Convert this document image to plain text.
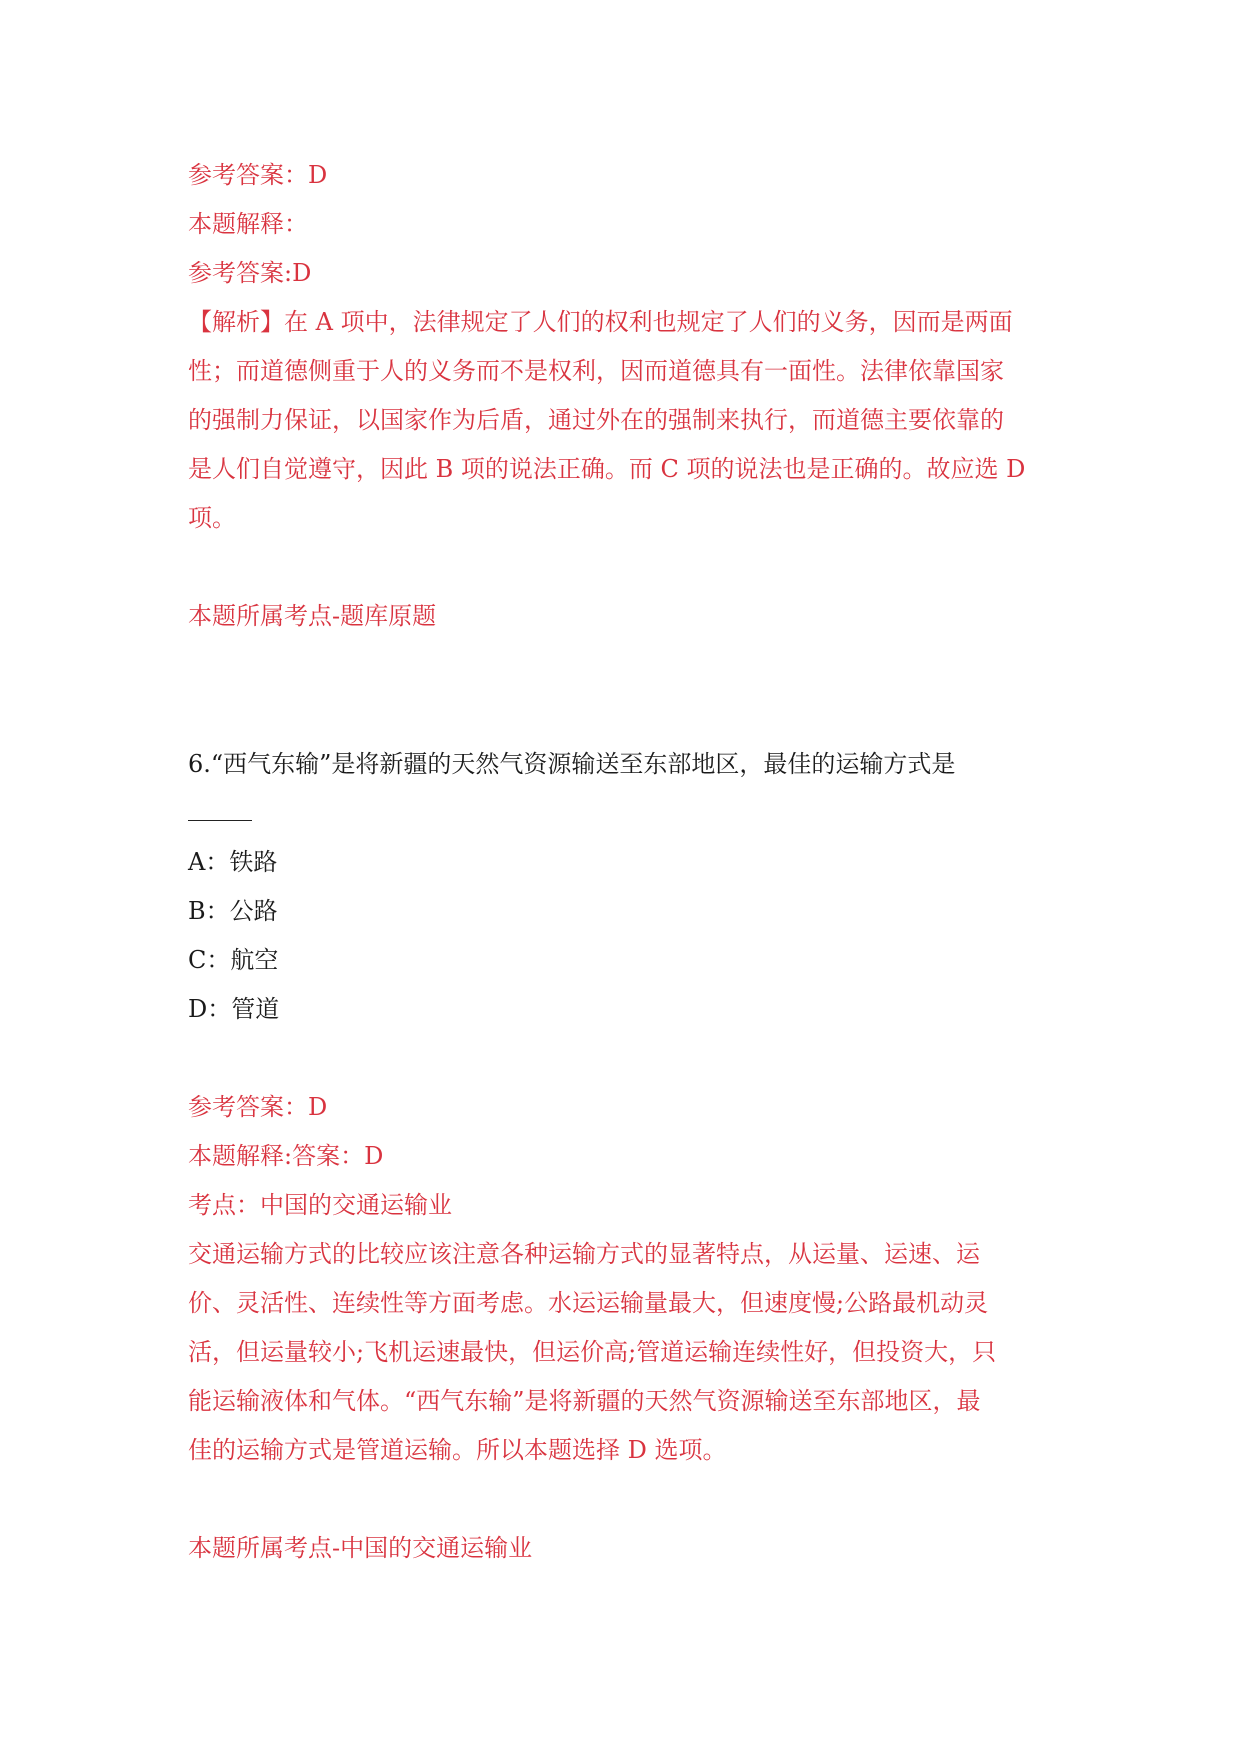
参考答案：D
本题解释：
参考答案:D
【解析】在 A 项中，法律规定了人们的权利也规定了人们的义务，因而是两面
性；而道德侧重于人的义务而不是权利，因而道德具有一面性。法律依靠国家
的强制力保证，以国家作为后盾，通过外在的强制来执行，而道德主要依靠的
是人们自觉遵守，因此 B 项的说法正确。而 C 项的说法也是正确的。故应选 D
项。
本题所属考点-题库原题
6.“西气东输”是将新疆的天然气资源输送至东部地区，最佳的运输方式是
A：铁路
B：公路
C：航空
D：管道
参考答案：D
本题解释:答案：D
考点：中国的交通运输业
交通运输方式的比较应该注意各种运输方式的显著特点，从运量、运速、运
价、灵活性、连续性等方面考虑。水运运输量最大，但速度慢;公路最机动灵
活，但运量较小;飞机运速最快，但运价高;管道运输连续性好，但投资大，只
能运输液体和气体。“西气东输”是将新疆的天然气资源输送至东部地区，最
佳的运输方式是管道运输。所以本题选择 D 选项。
本题所属考点-中国的交通运输业
